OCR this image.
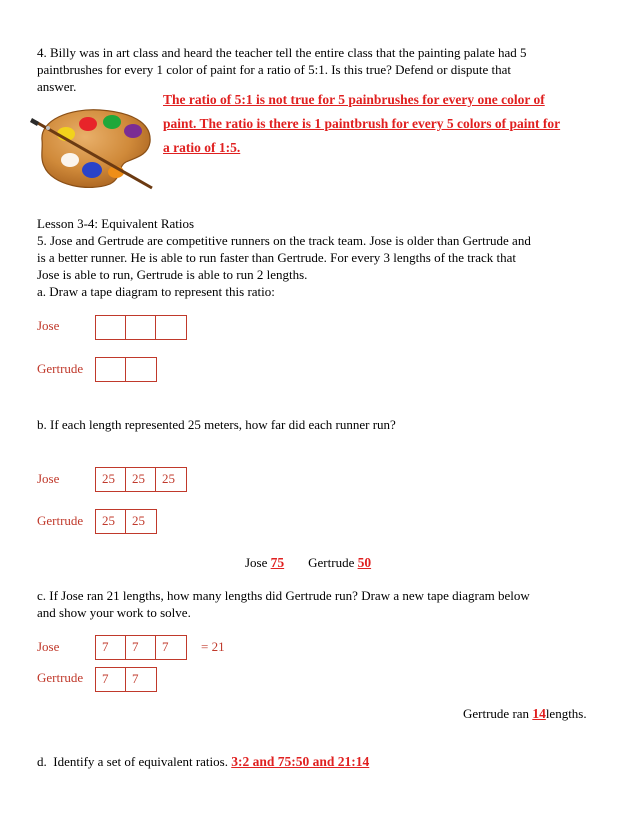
4. Billy was in art class and heard the teacher tell the entire class that the painting palate had 5
paintbrushes for every 1 color of paint for a ratio of 5:1. Is this true? Defend or dispute that
answer.
The ratio of 5:1 is not true for 5 painbrushes for every one color of
paint. The ratio is there is 1 paintbrush for every 5 colors of paint for
a ratio of 1:5.
Lesson 3-4: Equivalent Ratios
5. Jose and Gertrude are competitive runners on the track team. Jose is older than Gertrude and
is a better runner. He is able to run faster than Gertrude. For every 3 lengths of the track that
Jose is able to run, Gertrude is able to run 2 lengths.
a. Draw a tape diagram to represent this ratio:
Jose
Gertrude
b. If each length represented 25 meters, how far did each runner run?
Jose	25	25	25
Gertrude	25	25
Jose 75 Gertrude 50
c. If Jose ran 21 lengths, how many lengths did Gertrude run? Draw a new tape diagram below
and show your work to solve.
Jose	7	7	7	= 21
Gertrude	7	7
Gertrude ran 14lengths.
d.  Identify a set of equivalent ratios. 3:2 and 75:50 and 21:14
